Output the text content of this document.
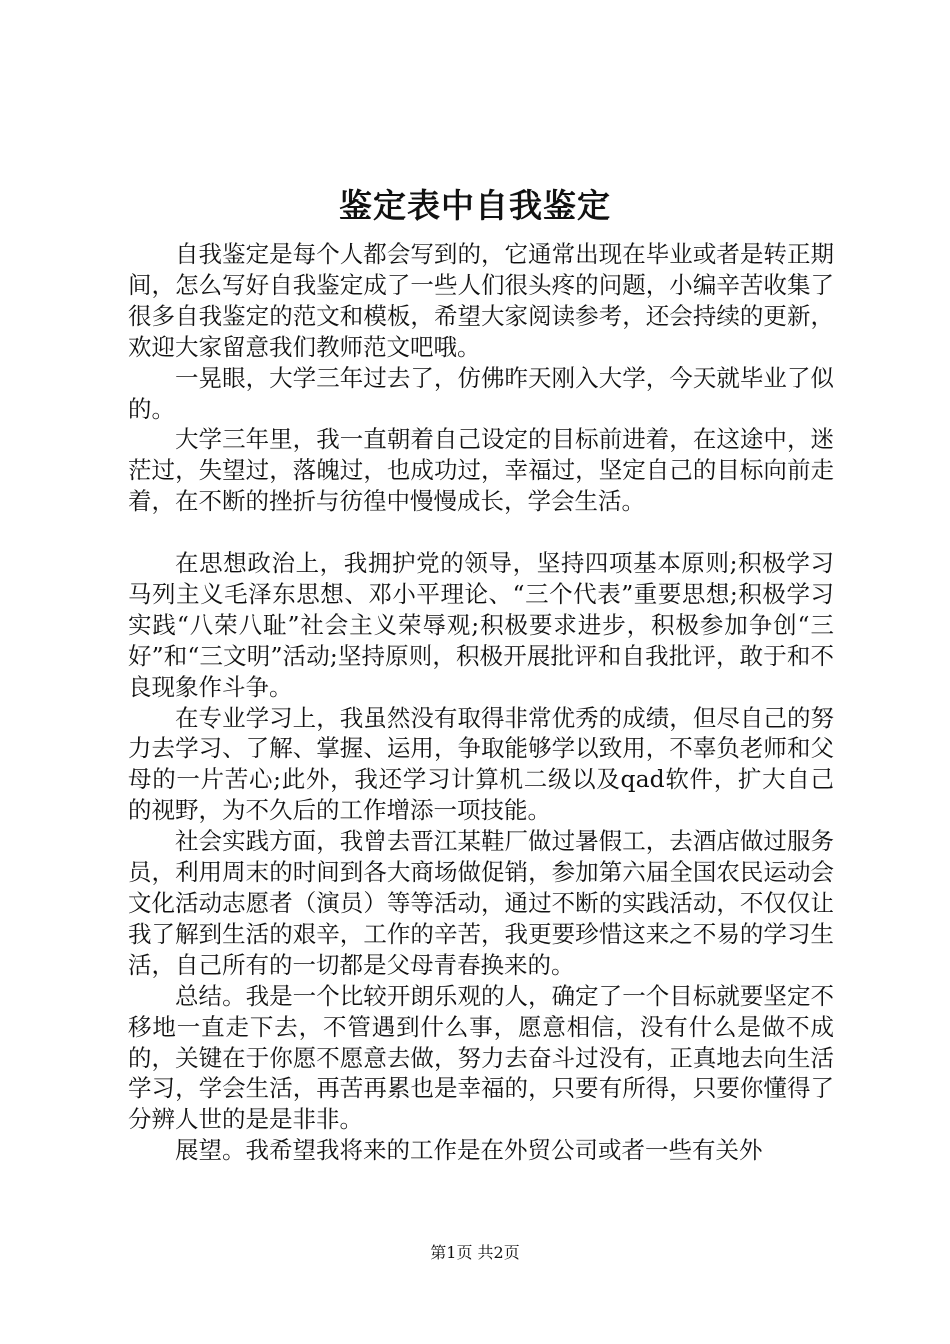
鉴定表中自我鉴定

自我鉴定是每个人都会写到的，它通常出现在毕业或者是转正期间，怎么写好自我鉴定成了一些人们很头疼的问题，小编辛苦收集了很多自我鉴定的范文和模板，希望大家阅读参考，还会持续的更新，欢迎大家留意我们教师范文吧哦。

一晃眼，大学三年过去了，仿佛昨天刚入大学，今天就毕业了似的。

大学三年里，我一直朝着自己设定的目标前进着，在这途中，迷茫过，失望过，落魄过，也成功过，幸福过，坚定自己的目标向前走着，在不断的挫折与彷徨中慢慢成长，学会生活。

在思想政治上，我拥护党的领导，坚持四项基本原则;积极学习马列主义毛泽东思想、邓小平理论、“三个代表”重要思想;积极学习实践“八荣八耻”社会主义荣辱观;积极要求进步，积极参加争创“三好”和“三文明”活动;坚持原则，积极开展批评和自我批评，敢于和不良现象作斗争。

在专业学习上，我虽然没有取得非常优秀的成绩，但尽自己的努力去学习、了解、掌握、运用，争取能够学以致用，不辜负老师和父母的一片苦心;此外，我还学习计算机二级以及qad软件，扩大自己的视野，为不久后的工作增添一项技能。

社会实践方面，我曾去晋江某鞋厂做过暑假工，去酒店做过服务员，利用周末的时间到各大商场做促销，参加第六届全国农民运动会文化活动志愿者（演员）等等活动，通过不断的实践活动，不仅仅让我了解到生活的艰辛，工作的辛苦，我更要珍惜这来之不易的学习生活，自己所有的一切都是父母青春换来的。

总结。我是一个比较开朗乐观的人，确定了一个目标就要坚定不移地一直走下去，不管遇到什么事，愿意相信，没有什么是做不成的，关键在于你愿不愿意去做，努力去奋斗过没有，正真地去向生活学习，学会生活，再苦再累也是幸福的，只要有所得，只要你懂得了分辨人世的是是非非。

展望。我希望我将来的工作是在外贸公司或者一些有关外

第1页 共2页
